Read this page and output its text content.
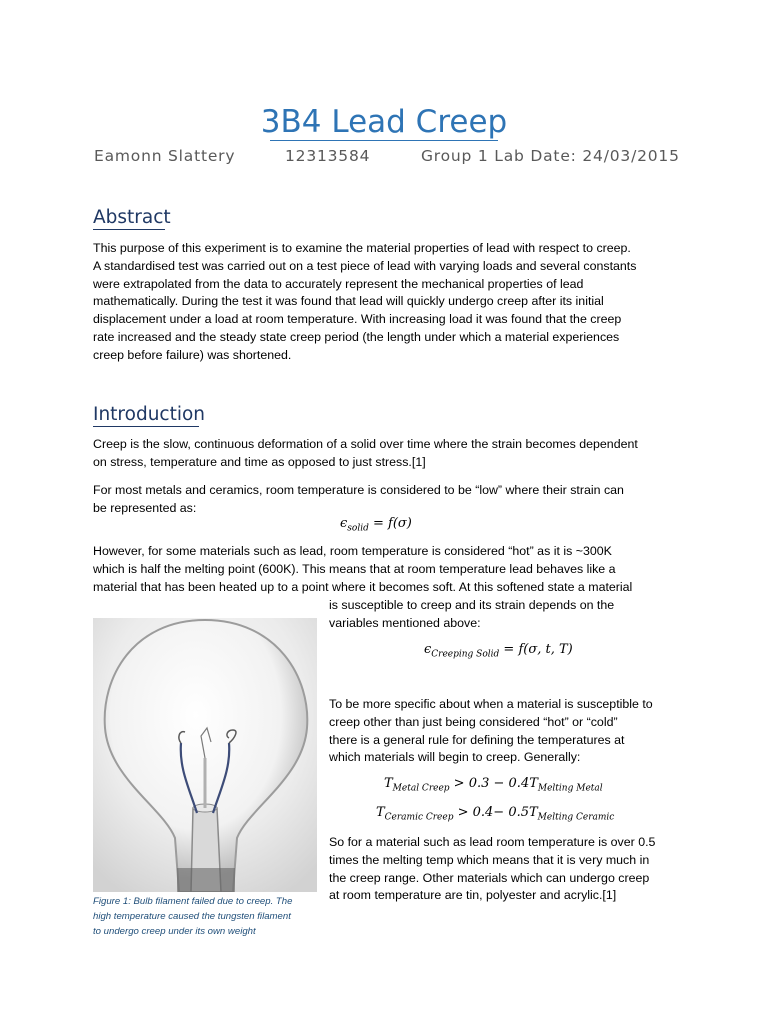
3B4 Lead Creep
Eamonn Slattery	12313584	Group 1 Lab Date: 24/03/2015
Abstract
This purpose of this experiment is to examine the material properties of lead with respect to creep.
A standardised test was carried out on a test piece of lead with varying loads and several constants
were extrapolated from the data to accurately represent the mechanical properties of lead
mathematically. During the test it was found that lead will quickly undergo creep after its initial
displacement under a load at room temperature. With increasing load it was found that the creep
rate increased and the steady state creep period (the length under which a material experiences
creep before failure) was shortened.
Introduction
Creep is the slow, continuous deformation of a solid over time where the strain becomes dependent
on stress, temperature and time as opposed to just stress.[1]
For most metals and ceramics, room temperature is considered to be “low” where their strain can
be represented as:
$\epsilon_{solid} = f(\sigma)$
However, for some materials such as lead, room temperature is considered “hot” as it is ~300K
which is half the melting point (600K). This means that at room temperature lead behaves like a
material that has been heated up to a point where it becomes soft. At this softened state a material
is susceptible to creep and its strain depends on the
variables mentioned above:
$\epsilon_{Creeping Solid} = f(\sigma$, t, T)
Figure 1: Bulb filament failed due to creep. The
high temperature caused the tungsten filament
to undergo creep under its own weight
To be more specific about when a material is susceptible to
creep other than just being considered “hot” or “cold”
there is a general rule for defining the temperatures at
which materials will begin to creep. Generally:
$T_{Metal Creep} > 0.3 - 0.4T_{Melting Metal}$
$T_{Ceramic Creep} > 0.4- 0.5T_{Melting Ceramic}$
So for a material such as lead room temperature is over 0.5
times the melting temp which means that it is very much in
the creep range. Other materials which can undergo creep
at room temperature are tin, polyester and acrylic.[1]
